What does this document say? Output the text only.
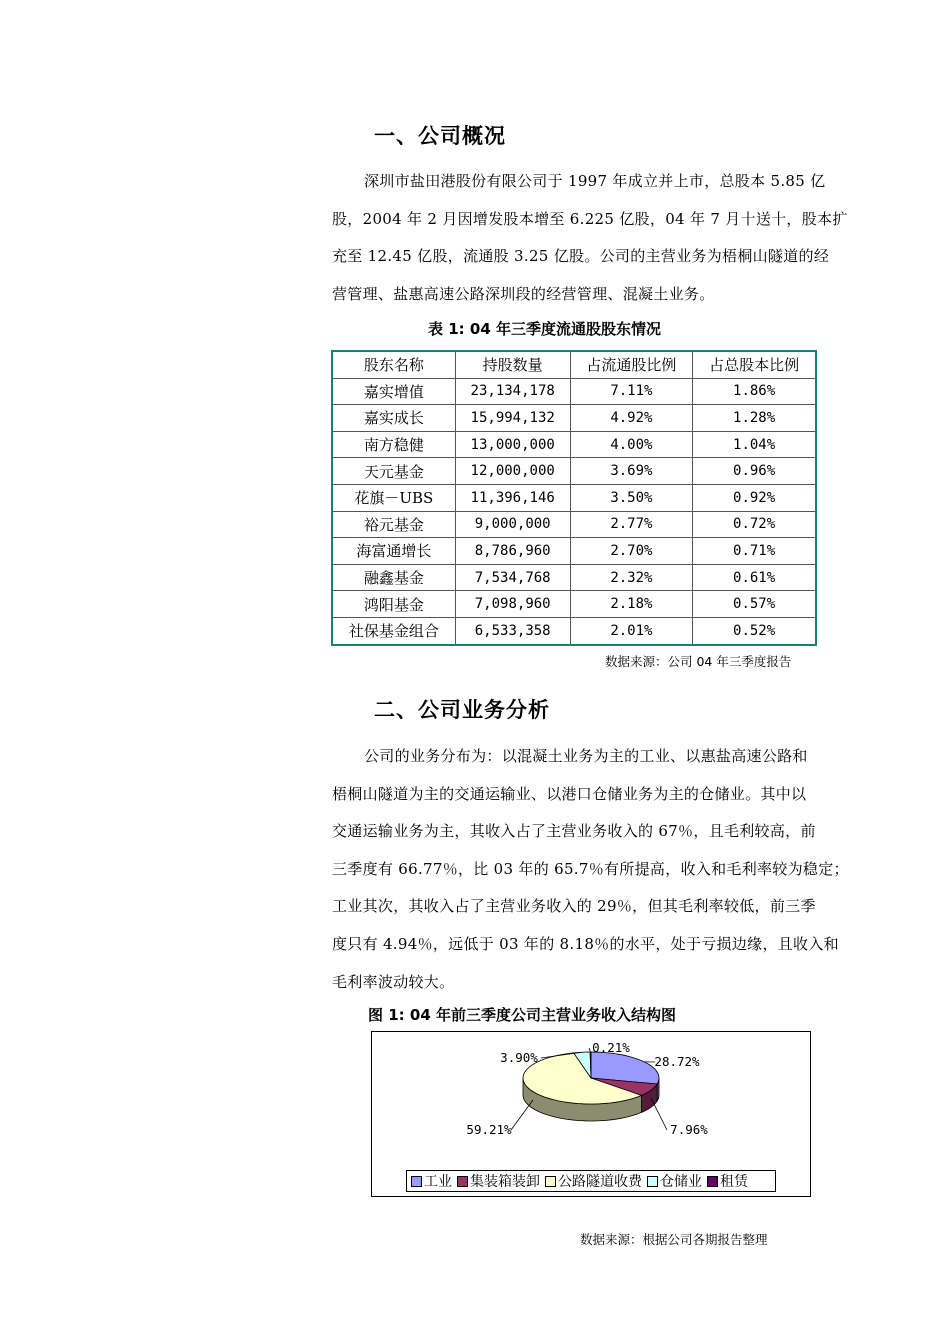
一、公司概况
深圳市盐田港股份有限公司于 1997 年成立并上市，总股本 5.85 亿
股，2004 年 2 月因增发股本增至 6.225 亿股，04 年 7 月十送十，股本扩
充至 12.45 亿股，流通股 3.25 亿股。公司的主营业务为梧桐山隧道的经
营管理、盐惠高速公路深圳段的经营管理、混凝土业务。
表 1: 04 年三季度流通股股东情况
股东名称	持股数量	占流通股比例	占总股本比例
嘉实增值	23,134,178	7.11%	1.86%
嘉实成长	15,994,132	4.92%	1.28%
南方稳健	13,000,000	4.00%	1.04%
天元基金	12,000,000	3.69%	0.96%
花旗－UBS	11,396,146	3.50%	0.92%
裕元基金	9,000,000	2.77%	0.72%
海富通增长	8,786,960	2.70%	0.71%
融鑫基金	7,534,768	2.32%	0.61%
鸿阳基金	7,098,960	2.18%	0.57%
社保基金组合	6,533,358	2.01%	0.52%
数据来源：公司 04 年三季度报告
二、公司业务分析
公司的业务分布为：以混凝土业务为主的工业、以惠盐高速公路和
梧桐山隧道为主的交通运输业、以港口仓储业务为主的仓储业。其中以
交通运输业务为主，其收入占了主营业务收入的 67％，且毛利较高，前
三季度有 66.77％，比 03 年的 65.7％有所提高，收入和毛利率较为稳定；
工业其次，其收入占了主营业务收入的 29％，但其毛利率较低，前三季
度只有 4.94％，远低于 03 年的 8.18％的水平，处于亏损边缘，且收入和
毛利率波动较大。
图 1: 04 年前三季度公司主营业务收入结构图
28.72%
7.96%
59.21%
3.90%
0.21%
工业 集装箱装卸 公路隧道收费 仓储业 租赁
数据来源：根据公司各期报告整理
